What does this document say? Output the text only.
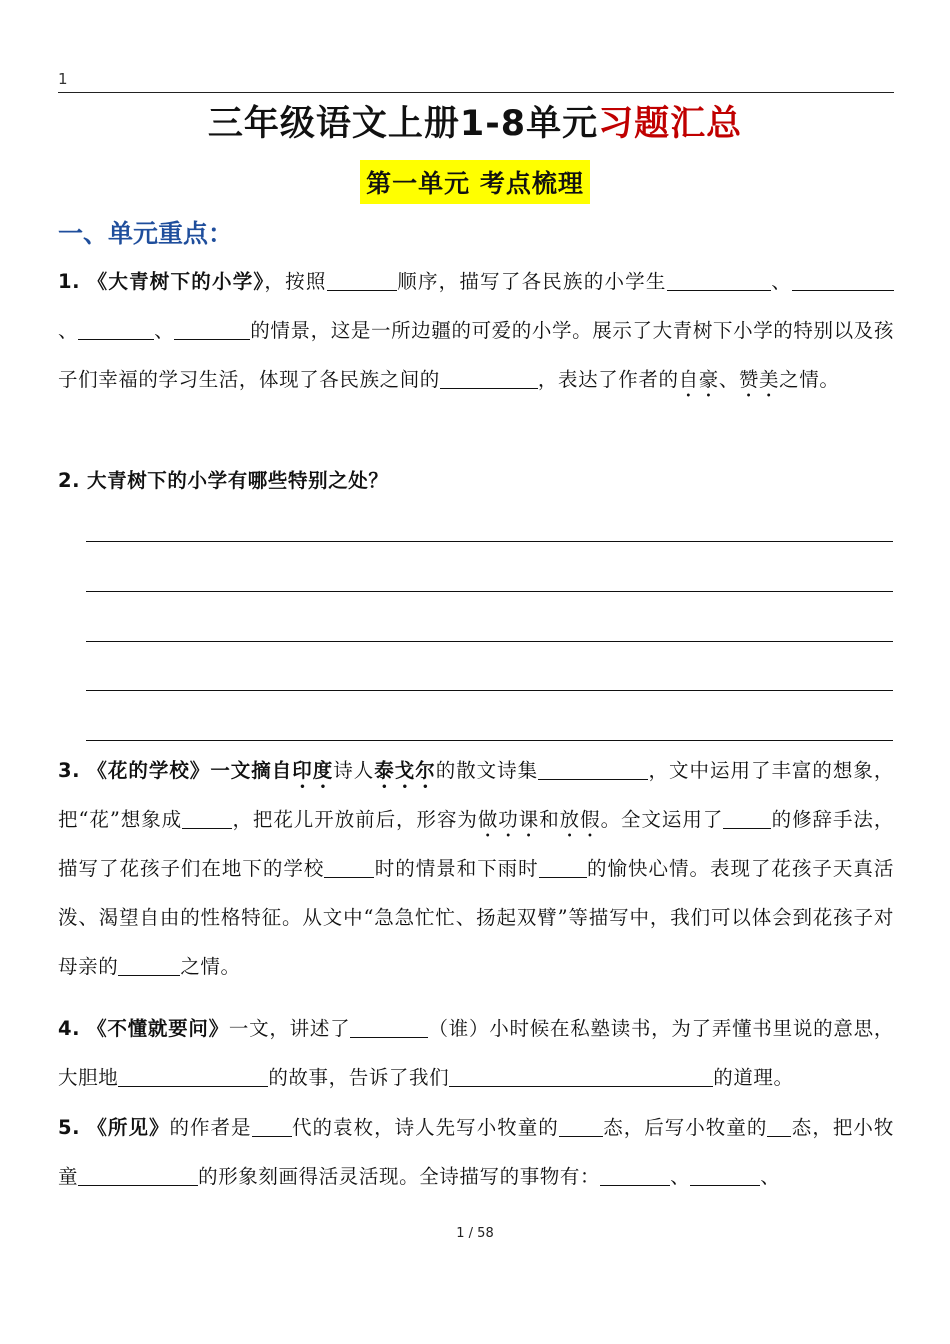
1
三年级语文上册1-8单元习题汇总
第一单元 考点梳理
一、单元重点：
1. 《大青树下的小学》，按照	顺序，描写了各民族的小学生	、、	、	的情景，这是一所边疆的可爱的小学。展示了大青树下小学的特别以及孩子们幸福的学习生活，体现了各民族之间的	，表达了作者的自豪、赞美之情。
2. 大青树下的小学有哪些特别之处？
3. 《花的学校》一文摘自印度诗人泰戈尔的散文诗集	，文中运用了丰富的想象，把“花”想象成	，把花儿开放前后，形容为做功课和放假。全文运用了 的修辞手法，描写了花孩子们在地下的学校	时的情景和下雨时 的愉快心情。表现了花孩子天真活泼、渴望自由的性格特征。从文中“急急忙忙、扬起双臂”等描写中，我们可以体会到花孩子对母亲的	之情。
4. 《不懂就要问》一文，讲述了	（谁）小时候在私塾读书，为了弄懂书里说的意思，大胆地	的故事，告诉了我们	的道理。
5. 《所见》的作者是 代的袁枚，诗人先写小牧童的 态，后写小牧童的 态，把小牧童	的形象刻画得活灵活现。全诗描写的事物有：	、	、
1 / 58
